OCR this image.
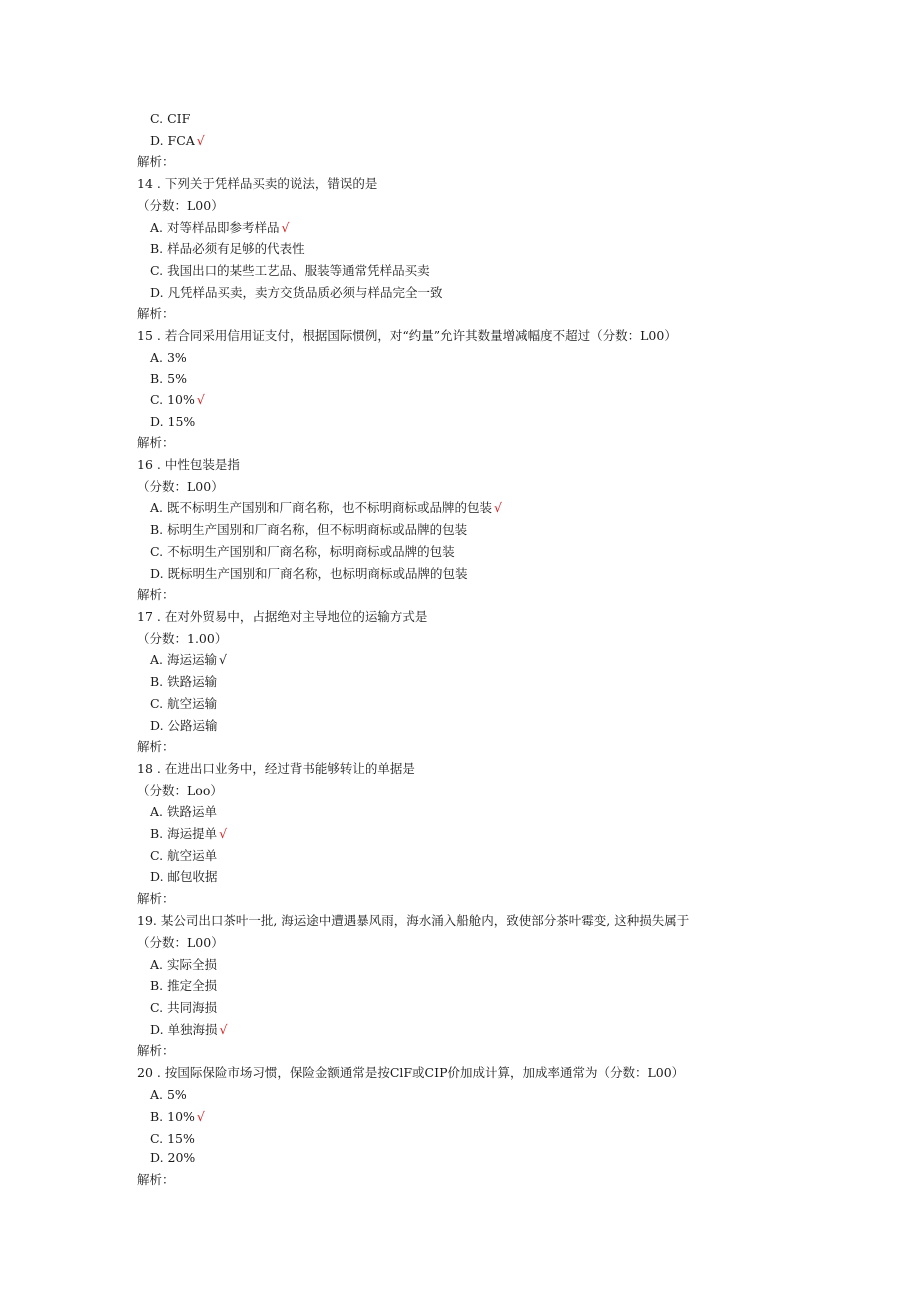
C. CIF
D. FCA √
解析：
14 . 下列关于凭样品买卖的说法，错误的是
（分数：L00）
A. 对等样品即参考样品 √
B. 样品必须有足够的代表性
C. 我国出口的某些工艺品、服装等通常凭样品买卖
D. 凡凭样品买卖，卖方交货品质必须与样品完全一致
解析：
15 . 若合同采用信用证支付，根据国际惯例，对“约量”允许其数量增减幅度不超过（分数：L00）
A. 3%
B. 5%
C. 10% √
D. 15%
解析：
16 . 中性包装是指
（分数：L00）
A. 既不标明生产国别和厂商名称，也不标明商标或品牌的包装 √
B. 标明生产国别和厂商名称，但不标明商标或品牌的包装
C. 不标明生产国别和厂商名称，标明商标或品牌的包装
D. 既标明生产国别和厂商名称，也标明商标或品牌的包装
解析：
17 . 在对外贸易中，占据绝对主导地位的运输方式是
（分数：1.00）
A. 海运运输 √
B. 铁路运输
C. 航空运输
D. 公路运输
解析：
18 . 在进出口业务中，经过背书能够转让的单据是
（分数：Loo）
A. 铁路运单
B. 海运提单 √
C. 航空运单
D. 邮包收据
解析：
19. 某公司出口茶叶一批, 海运途中遭遇暴风雨，海水涌入船舱内，致使部分茶叶霉变, 这种损失属于
（分数：L00）
A. 实际全损
B. 推定全损
C. 共同海损
D. 单独海损 √
解析：
20 . 按国际保险市场习惯，保险金额通常是按ClF或CIP价加成计算，加成率通常为（分数：L00）
A. 5%
B. 10% √
C. 15%
D. 20%
解析：
